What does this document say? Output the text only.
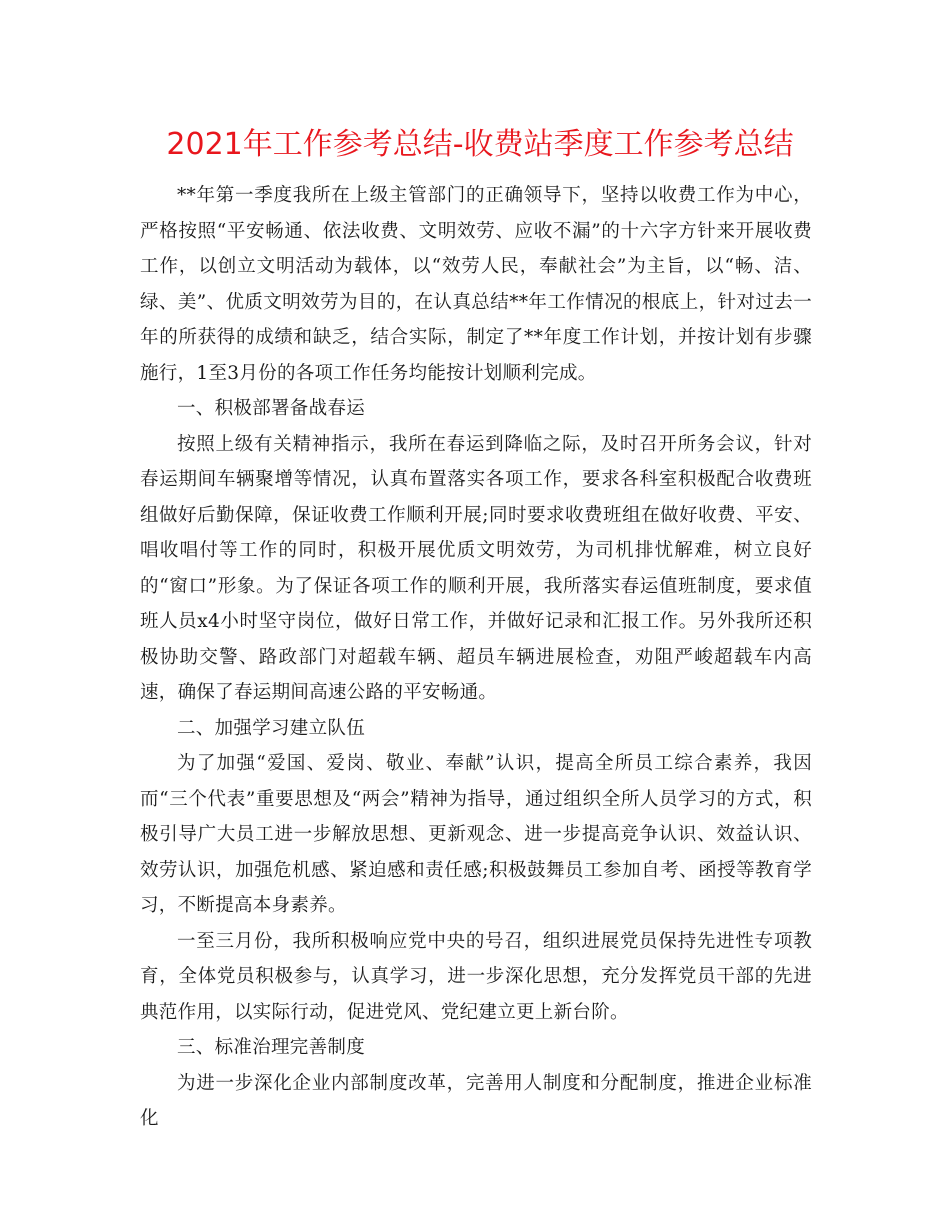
2021年工作参考总结-收费站季度工作参考总结

**年第一季度我所在上级主管部门的正确领导下，坚持以收费工作为中心，严格按照“平安畅通、依法收费、文明效劳、应收不漏”的十六字方针来开展收费工作，以创立文明活动为载体，以“效劳人民，奉献社会”为主旨，以“畅、洁、绿、美”、优质文明效劳为目的，在认真总结**年工作情况的根底上，针对过去一年的所获得的成绩和缺乏，结合实际，制定了**年度工作计划，并按计划有步骤施行，1至3月份的各项工作任务均能按计划顺利完成。

一、积极部署备战春运

按照上级有关精神指示，我所在春运到降临之际，及时召开所务会议，针对春运期间车辆聚增等情况，认真布置落实各项工作，要求各科室积极配合收费班组做好后勤保障，保证收费工作顺利开展;同时要求收费班组在做好收费、平安、唱收唱付等工作的同时，积极开展优质文明效劳，为司机排忧解难，树立良好的“窗口”形象。为了保证各项工作的顺利开展，我所落实春运值班制度，要求值班人员x4小时坚守岗位，做好日常工作，并做好记录和汇报工作。另外我所还积极协助交警、路政部门对超载车辆、超员车辆进展检查，劝阻严峻超载车内高速，确保了春运期间高速公路的平安畅通。

二、加强学习建立队伍

为了加强“爱国、爱岗、敬业、奉献”认识，提高全所员工综合素养，我因而“三个代表”重要思想及“两会”精神为指导，通过组织全所人员学习的方式，积极引导广大员工进一步解放思想、更新观念、进一步提高竞争认识、效益认识、效劳认识，加强危机感、紧迫感和责任感;积极鼓舞员工参加自考、函授等教育学习，不断提高本身素养。

一至三月份，我所积极响应党中央的号召，组织进展党员保持先进性专项教育，全体党员积极参与，认真学习，进一步深化思想，充分发挥党员干部的先进典范作用，以实际行动，促进党风、党纪建立更上新台阶。

三、标准治理完善制度

为进一步深化企业内部制度改革，完善用人制度和分配制度，推进企业标准化
